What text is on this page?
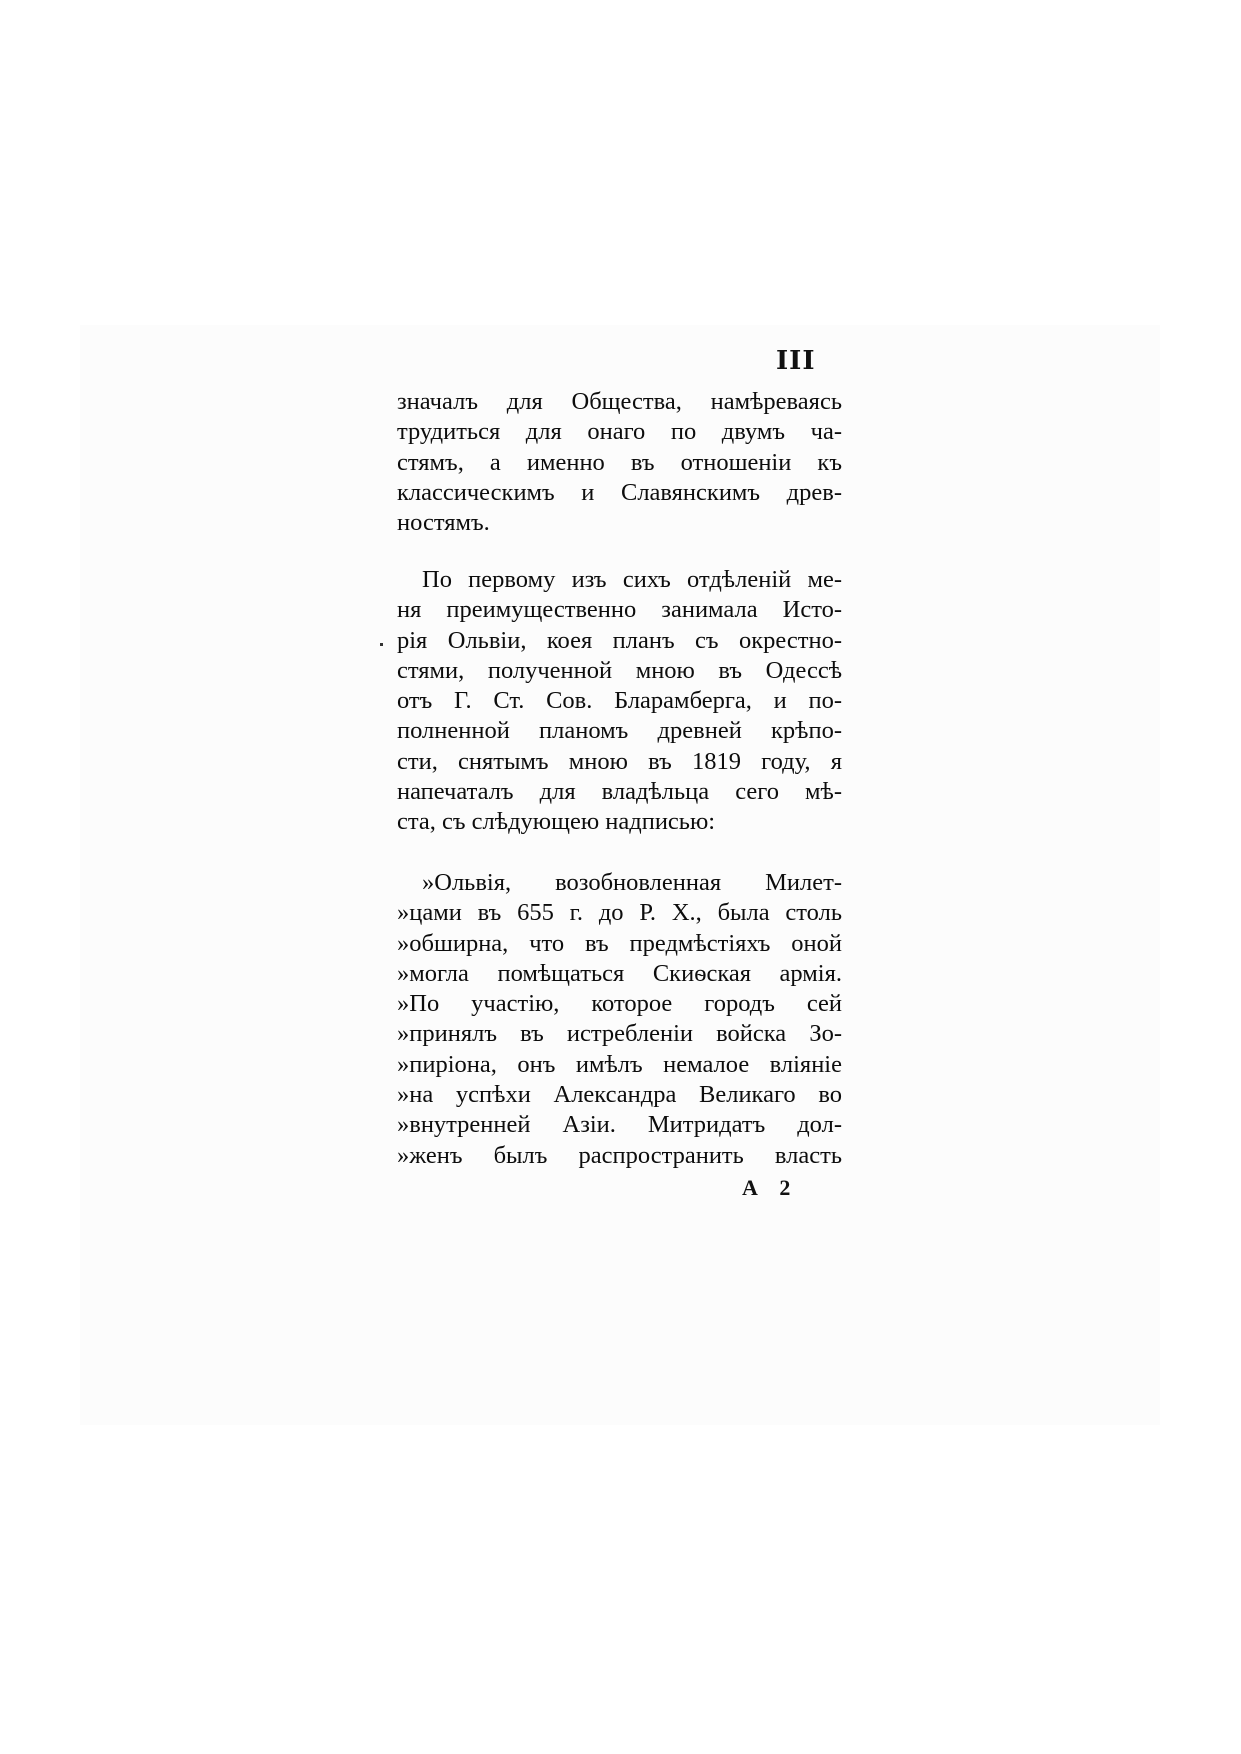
III
значалъ для Общества, намѣреваясь
трудиться для онаго по двумъ ча-
стямъ, а именно въ отношеніи къ
классическимъ и Славянскимъ древ-
ностямъ.
По первому изъ сихъ отдѣленій ме-
ня преимущественно занимала Исто-
рія Ольвіи, коея планъ съ окрестно-
стями, полученной мною въ Одессѣ
отъ Г. Ст. Сов. Бларамберга, и по-
полненной планомъ древней крѣпо-
сти, снятымъ мною въ 1819 году, я
напечаталъ для владѣльца сего мѣ-
ста, съ слѣдующею надписью:
»Ольвія, возобновленная Милет-
»цами въ 655 г. до Р. Х., была столь
»обширна, что въ предмѣстіяхъ оной
»могла помѣщаться Скиѳская армія.
»По участію, которое городъ сей
»принялъ въ истребленіи войска Зо-
»пиріона, онъ имѣлъ немалое вліяніе
»на успѣхи Александра Великаго во
»внутренней Азіи. Митридатъ дол-
»женъ былъ распространить власть
А 2
